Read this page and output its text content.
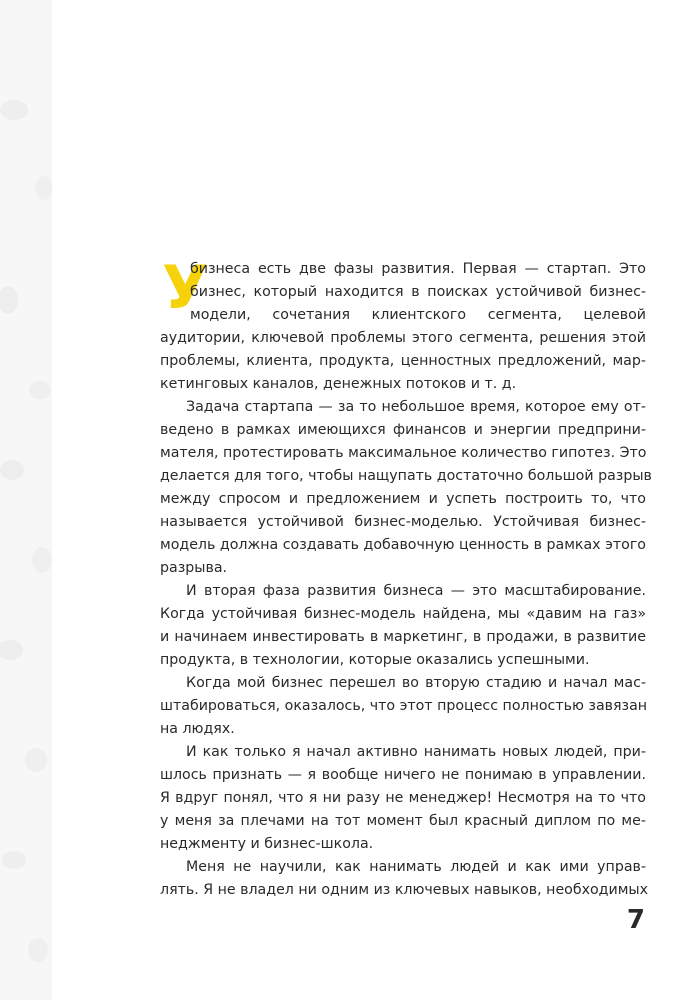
У
бизнеса есть две фазы развития. Первая — стартап. Это
бизнес, который находится в поисках устойчивой бизнес-
модели, сочетания клиентского сегмента, целевой
аудитории, ключевой проблемы этого сегмента, решения этой
проблемы, клиента, продукта, ценностных предложений, мар-
кетинговых каналов, денежных потоков и т. д.
Задача стартапа — за то небольшое время, которое ему от-
ведено в рамках имеющихся финансов и энергии предприни-
мателя, протестировать максимальное количество гипотез. Это
делается для того, чтобы нащупать достаточно большой разрыв
между спросом и предложением и успеть построить то, что
называется устойчивой бизнес-моделью. Устойчивая бизнес-
модель должна создавать добавочную ценность в рамках этого
разрыва.
И вторая фаза развития бизнеса — это масштабирование.
Когда устойчивая бизнес-модель найдена, мы «давим на газ»
и начинаем инвестировать в маркетинг, в продажи, в развитие
продукта, в технологии, которые оказались успешными.
Когда мой бизнес перешел во вторую стадию и начал мас-
штабироваться, оказалось, что этот процесс полностью завязан
на людях.
И как только я начал активно нанимать новых людей, при-
шлось признать — я вообще ничего не понимаю в управлении.
Я вдруг понял, что я ни разу не менеджер! Несмотря на то что
у меня за плечами на тот момент был красный диплом по ме-
неджменту и бизнес-школа.
Меня не научили, как нанимать людей и как ими управ-
лять. Я не владел ни одним из ключевых навыков, необходимых
7
